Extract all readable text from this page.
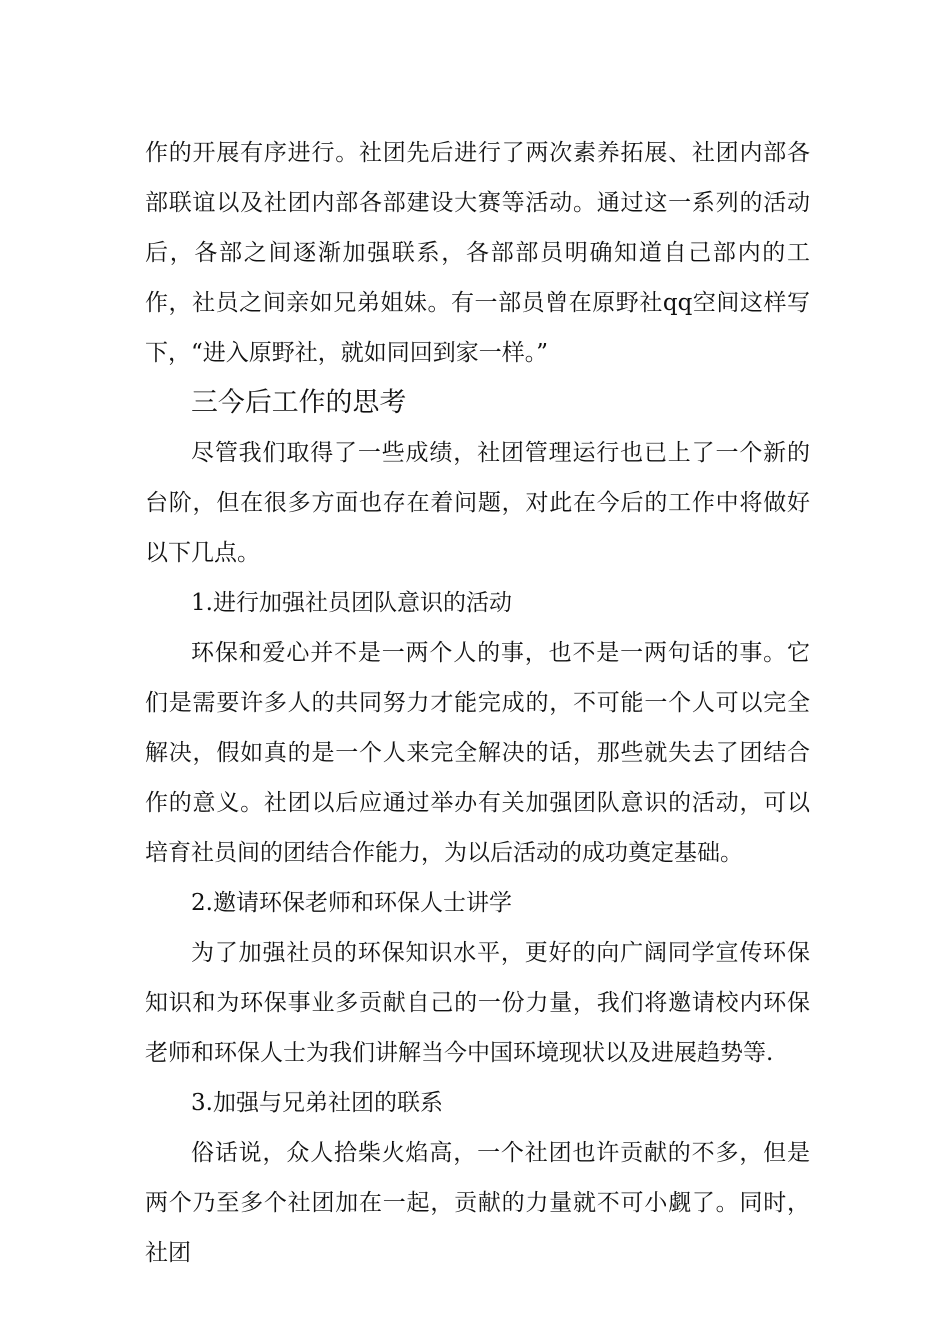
作的开展有序进行。社团先后进行了两次素养拓展、社团内部各部联谊以及社团内部各部建设大赛等活动。通过这一系列的活动后，各部之间逐渐加强联系，各部部员明确知道自己部内的工作，社员之间亲如兄弟姐妹。有一部员曾在原野社qq空间这样写下，“进入原野社，就如同回到家一样。”

三今后工作的思考

尽管我们取得了一些成绩，社团管理运行也已上了一个新的台阶，但在很多方面也存在着问题，对此在今后的工作中将做好以下几点。

1.进行加强社员团队意识的活动

环保和爱心并不是一两个人的事，也不是一两句话的事。它们是需要许多人的共同努力才能完成的，不可能一个人可以完全解决，假如真的是一个人来完全解决的话，那些就失去了团结合作的意义。社团以后应通过举办有关加强团队意识的活动，可以培育社员间的团结合作能力，为以后活动的成功奠定基础。

2.邀请环保老师和环保人士讲学

为了加强社员的环保知识水平，更好的向广阔同学宣传环保知识和为环保事业多贡献自己的一份力量，我们将邀请校内环保老师和环保人士为我们讲解当今中国环境现状以及进展趋势等.

3.加强与兄弟社团的联系

俗话说，众人拾柴火焰高，一个社团也许贡献的不多，但是两个乃至多个社团加在一起，贡献的力量就不可小觑了。同时，社团
